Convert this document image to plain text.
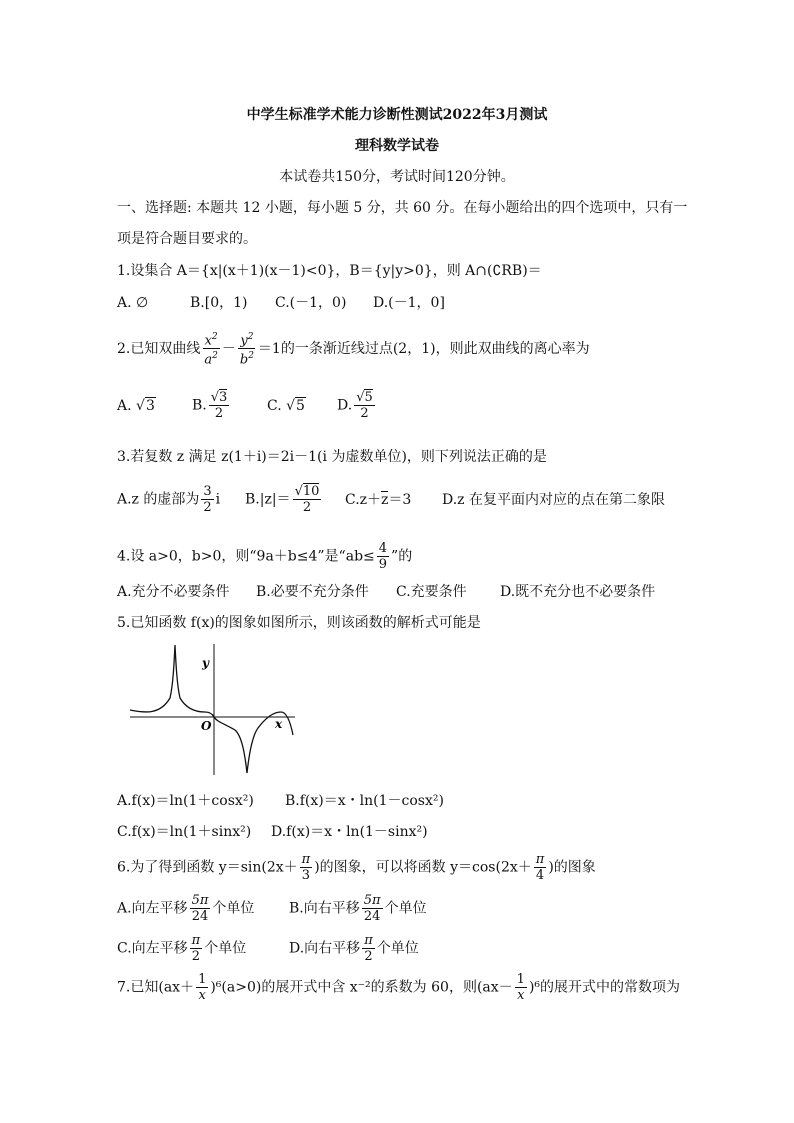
中学生标准学术能力诊断性测试2022年3月测试
理科数学试卷
本试卷共150分，考试时间120分钟。
一、选择题: 本题共 12 小题，每小题 5 分，共 60 分。在每小题给出的四个选项中，只有一
项是符合题目要求的。
1.设集合 A＝{x|(x＋1)(x－1)<0}，B＝{y|y>0}，则 A∩(∁RB)＝
A. ∅	B.[0，1) C.(－1，0) D.(－1，0]
2.已知双曲线 $\frac{x^2}{a^2} - \frac{y^2}{b^2} =1$的一条渐近线过点(2，1)，则此双曲线的离心率为
A. √3	B. $\frac{√3}{2}$	C. √5 D. $\frac{√5}{2}$
3.若复数 z 满足 z(1＋i)＝2i－1(i 为虚数单位)，则下列说法正确的是
A.z 的虚部为 $\frac{3}{2}$ i $B.|z|= \frac{√10}{2} C.z+z=3$ D.z 在复平面内对应的点在第二象限
4.设 a>0，b>0，则“9a＋b≤4”是“$ab\le \frac{4}{9}$ ”的
A.充分不必要条件 B.必要不充分条件 C.充要条件 D.既不充分也不必要条件
5.已知函数 f(x)的图象如图所示，则该函数的解析式可能是
y
O	x
A.f(x)＝ln(1＋cosx²) B.f(x)＝x・ln(1－cosx²)
C.f(x)＝ln(1＋sinx²) D.f(x)＝x・ln(1－sinx²)
6.为了得到函数 $y=\sin(2x+ \frac{\pi}{3}$ )的图象，可以将函数 $y=\cos(2x+ \frac{\pi}{4}$ )的图象
A.向左平移 $\frac{5\pi}{24}$ 个单位 B.向右平移 $\frac{5\pi}{24}$ 个单位
C.向左平移 $\frac{\pi}{2}$ 个单位	D.向右平移 $\frac{\pi}{2}$ 个单位
7.已知$(ax+ \frac{1}{x} )^6(a>0)$的展开式中含 x⁻²的系数为 60，则$(ax- \frac{1}{x} )^6$的展开式中的常数项为
